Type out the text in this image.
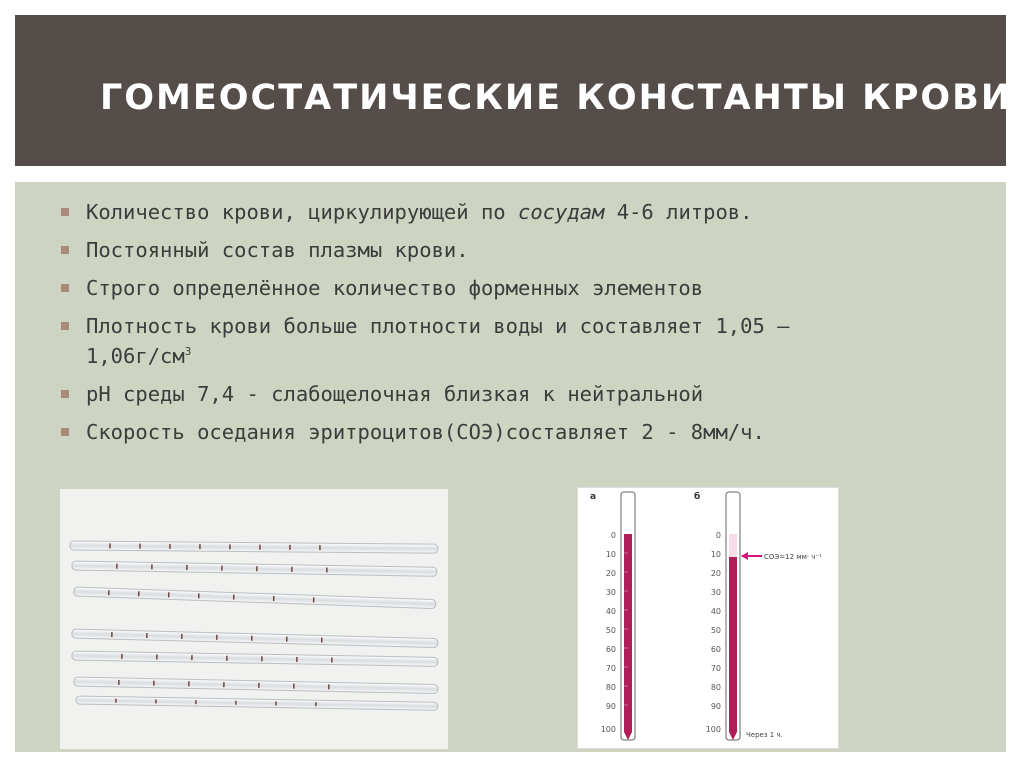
ГОМЕОСТАТИЧЕСКИЕ КОНСТАНТЫ КРОВИ
Количество крови, циркулирующей по сосудам 4-6 литров.
Постоянный состав плазмы крови.
Строго определённое количество форменных элементов
Плотность крови больше плотности воды и составляет 1,05 –
$1,06г/см^3$
pH среды 7,4 - слабощелочная близкая к нейтральной
Скорость оседания эритроцитов(СОЭ)составляет 2 - 8мм/ч.
а	б
0
10
20
30
40
50
60
70
80
90
100
0
10
20
30
40
50
60
70
80
90
100
СОЭ=12 мм· ч⁻¹
Через 1 ч.
